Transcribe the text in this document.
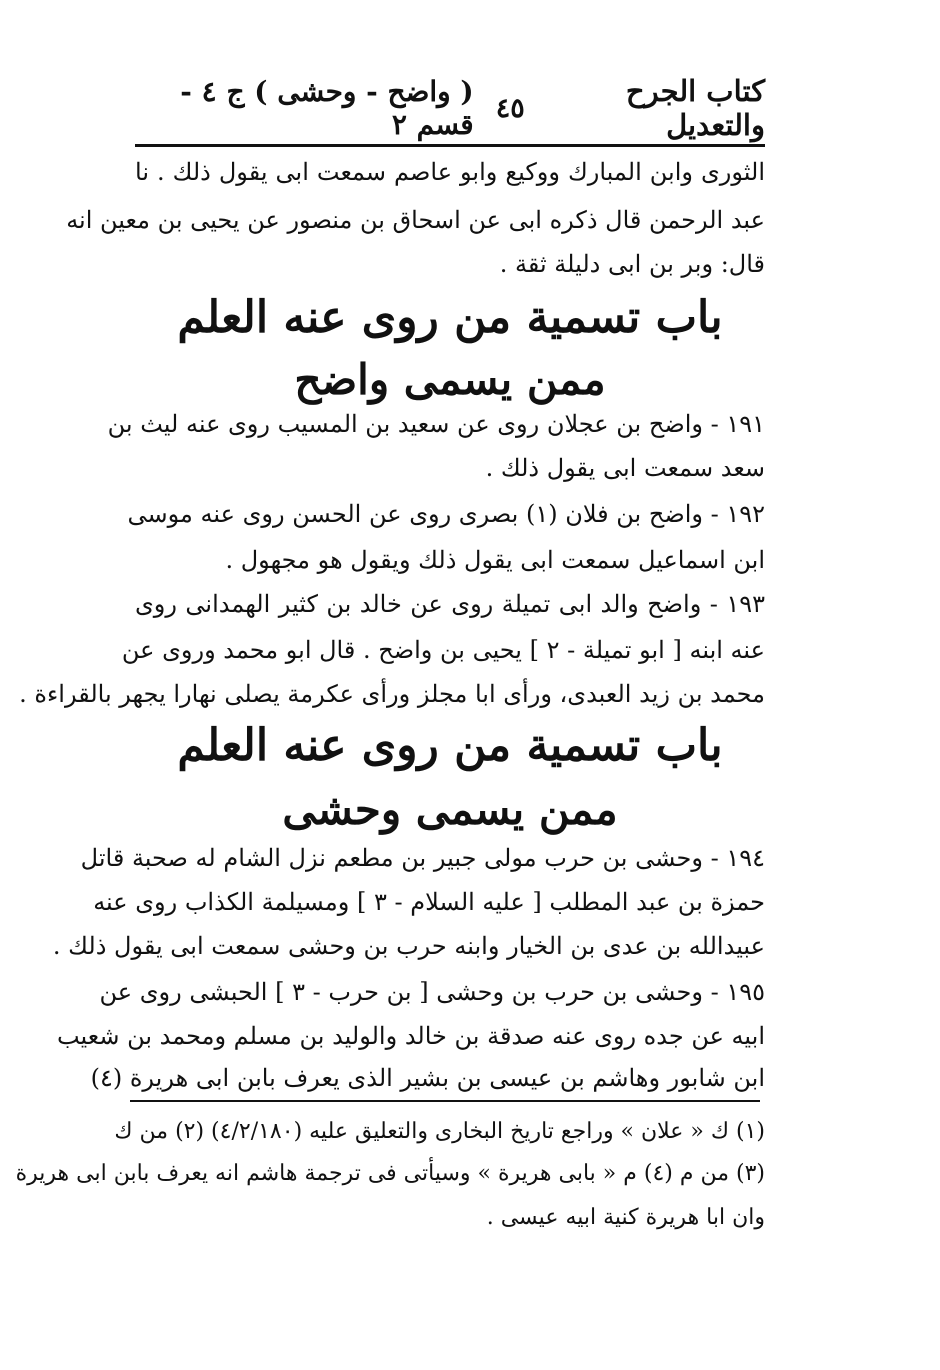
كتاب الجرح والتعديل
٤٥
( واضح - وحشى ) ج ٤ - قسم ٢
الثورى وابن المبارك ووكيع وابو عاصم سمعت ابى يقول ذلك . نا
عبد الرحمن قال ذكره ابى عن اسحاق بن منصور عن يحيى بن معين انه
قال: وبر بن ابى دليلة ثقة .
باب تسمية من روى عنه العلم
ممن يسمى واضح
١٩١ - واضح بن عجلان روى عن سعيد بن المسيب روى عنه ليث بن
سعد سمعت ابى يقول ذلك .
١٩٢ - واضح بن فلان (١) بصرى روى عن الحسن روى عنه موسى
ابن اسماعيل سمعت ابى يقول ذلك ويقول هو مجهول .
١٩٣ - واضح والد ابى تميلة روى عن خالد بن كثير الهمدانى روى
عنه ابنه [ ابو تميلة - ٢ ] يحيى بن واضح . قال ابو محمد وروى عن
محمد بن زيد العبدى، ورأى ابا مجلز ورأى عكرمة يصلى نهارا يجهر بالقراءة .
باب تسمية من روى عنه العلم
ممن يسمى وحشى
١٩٤ - وحشى بن حرب مولى جبير بن مطعم نزل الشام له صحبة قاتل
حمزة بن عبد المطلب [ عليه السلام - ٣ ] ومسيلمة الكذاب روى عنه
عبيدالله بن عدى بن الخيار وابنه حرب بن وحشى سمعت ابى يقول ذلك .
١٩٥ - وحشى بن حرب بن وحشى [ بن حرب - ٣ ] الحبشى روى عن
ابيه عن جده روى عنه صدقة بن خالد والوليد بن مسلم ومحمد بن شعيب
ابن شابور وهاشم بن عيسى بن بشير الذى يعرف بابن ابى هريرة (٤)
(١) ك « علان » وراجع تاريخ البخارى والتعليق عليه (٤/٢/١٨٠) (٢) من ك
(٣) من م (٤) م « بابى هريرة » وسيأتى فى ترجمة هاشم انه يعرف بابن ابى هريرة
وان ابا هريرة كنية ابيه عيسى .
